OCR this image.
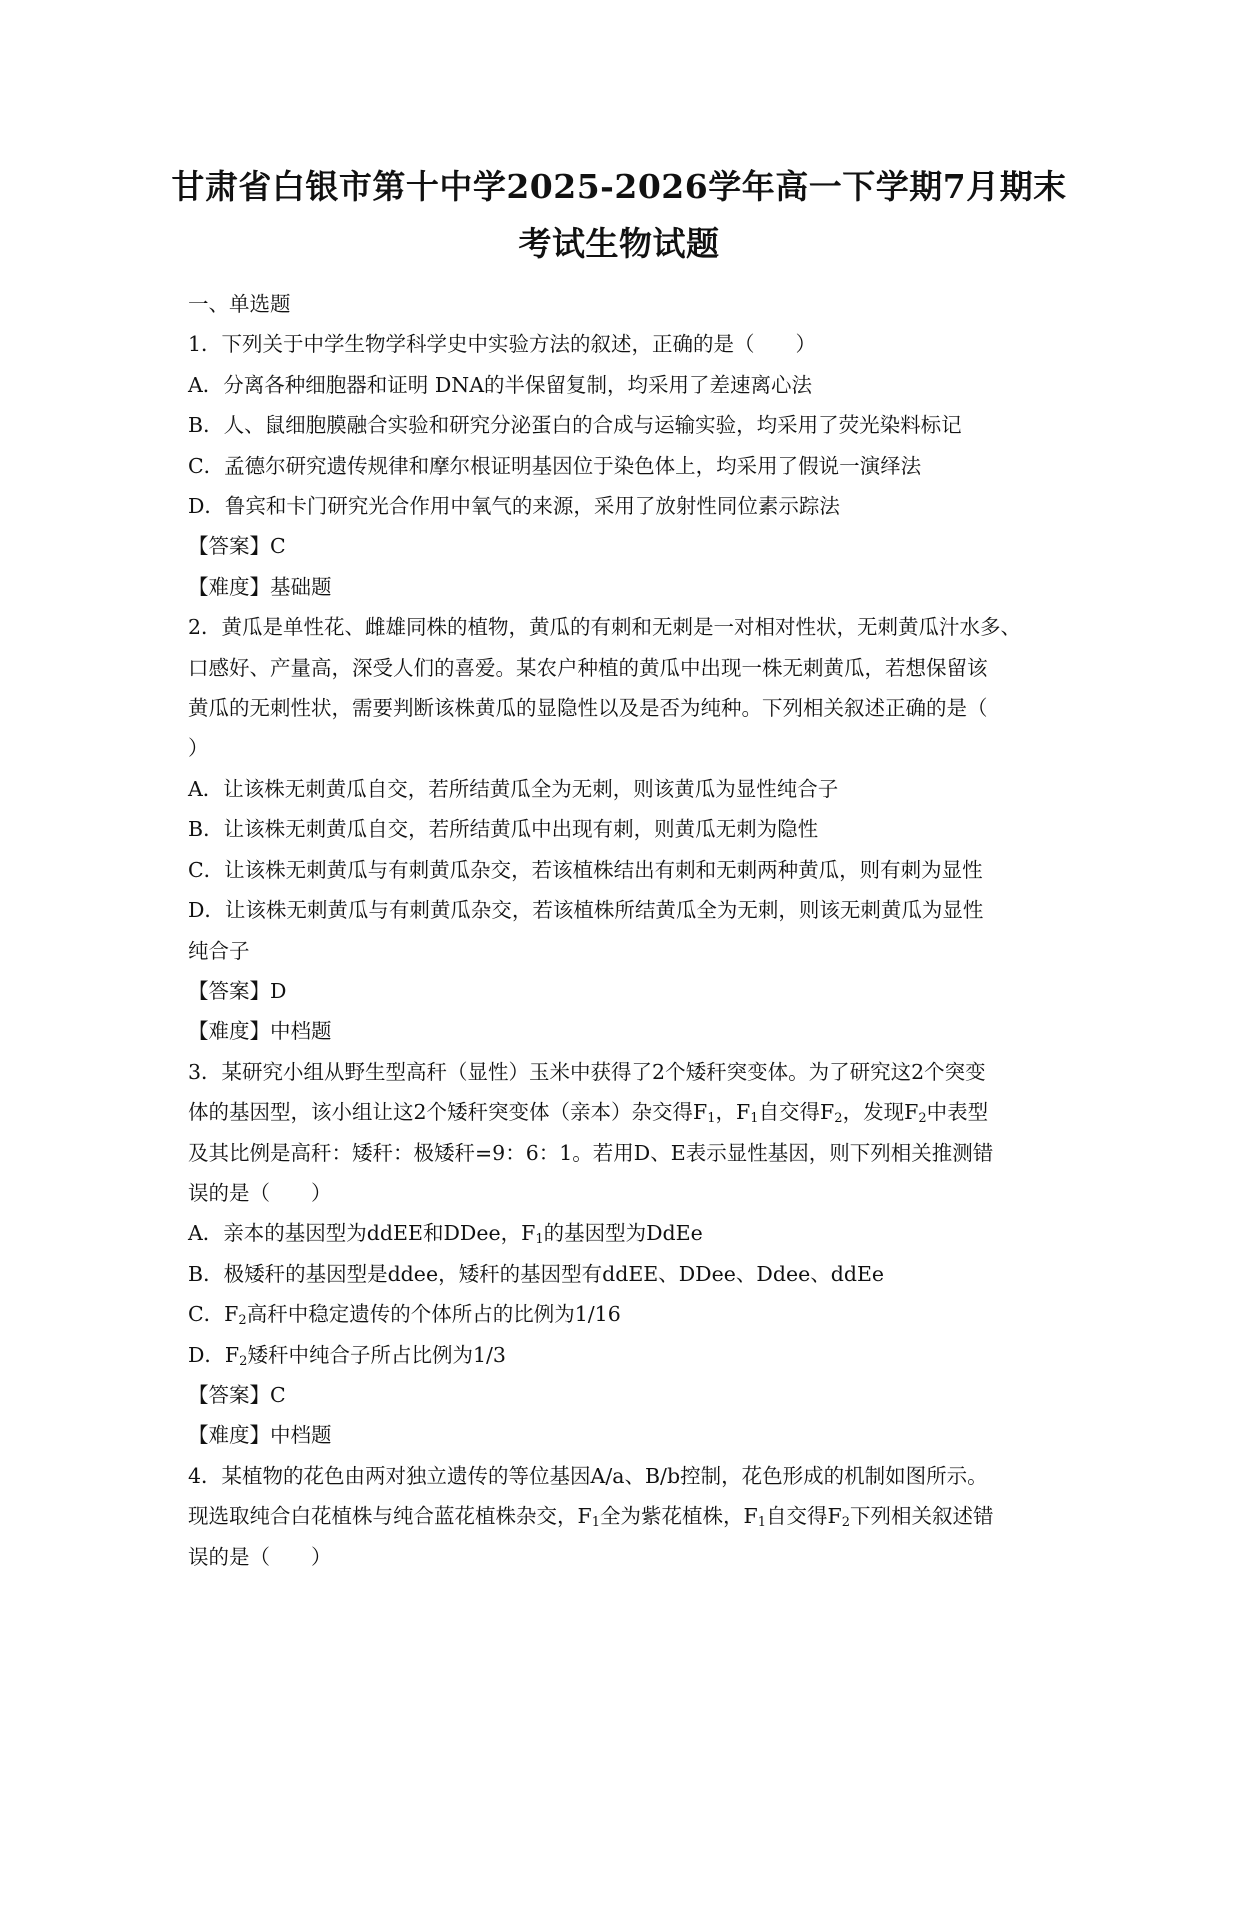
甘肃省白银市第十中学2025-2026学年高一下学期7月期末
考试生物试题

一、单选题

1．下列关于中学生物学科学史中实验方法的叙述，正确的是（　　）

A．分离各种细胞器和证明 DNA的半保留复制，均采用了差速离心法

B．人、鼠细胞膜融合实验和研究分泌蛋白的合成与运输实验，均采用了荧光染料标记

C．孟德尔研究遗传规律和摩尔根证明基因位于染色体上，均采用了假说一演绎法

D．鲁宾和卡门研究光合作用中氧气的来源，采用了放射性同位素示踪法

【答案】C

【难度】基础题

2．黄瓜是单性花、雌雄同株的植物，黄瓜的有刺和无刺是一对相对性状，无刺黄瓜汁水多、

口感好、产量高，深受人们的喜爱。某农户种植的黄瓜中出现一株无刺黄瓜，若想保留该

黄瓜的无刺性状，需要判断该株黄瓜的显隐性以及是否为纯种。下列相关叙述正确的是（

）

A．让该株无刺黄瓜自交，若所结黄瓜全为无刺，则该黄瓜为显性纯合子

B．让该株无刺黄瓜自交，若所结黄瓜中出现有刺，则黄瓜无刺为隐性

C．让该株无刺黄瓜与有刺黄瓜杂交，若该植株结出有刺和无刺两种黄瓜，则有刺为显性

D．让该株无刺黄瓜与有刺黄瓜杂交，若该植株所结黄瓜全为无刺，则该无刺黄瓜为显性

纯合子

【答案】D

【难度】中档题

3．某研究小组从野生型高秆（显性）玉米中获得了2个矮秆突变体。为了研究这2个突变

体的基因型，该小组让这2个矮秆突变体（亲本）杂交得$F_1$，$F_1$自交得$F_2$，发现$F_2$中表型

及其比例是高秆：矮秆：极矮秆=9：6：1。若用D、E表示显性基因，则下列相关推测错

误的是（　　）

A．亲本的基因型为ddEE和DDee，$F_1$的基因型为DdEe

B．极矮秆的基因型是ddee，矮秆的基因型有ddEE、DDee、Ddee、ddEe

C．$F_2$高秆中稳定遗传的个体所占的比例为1/16

D．$F_2$矮秆中纯合子所占比例为1/3

【答案】C

【难度】中档题

4．某植物的花色由两对独立遗传的等位基因A/a、B/b控制，花色形成的机制如图所示。

现选取纯合白花植株与纯合蓝花植株杂交，$F_1$全为紫花植株，$F_1$自交得$F_2$下列相关叙述错

误的是（　　）
